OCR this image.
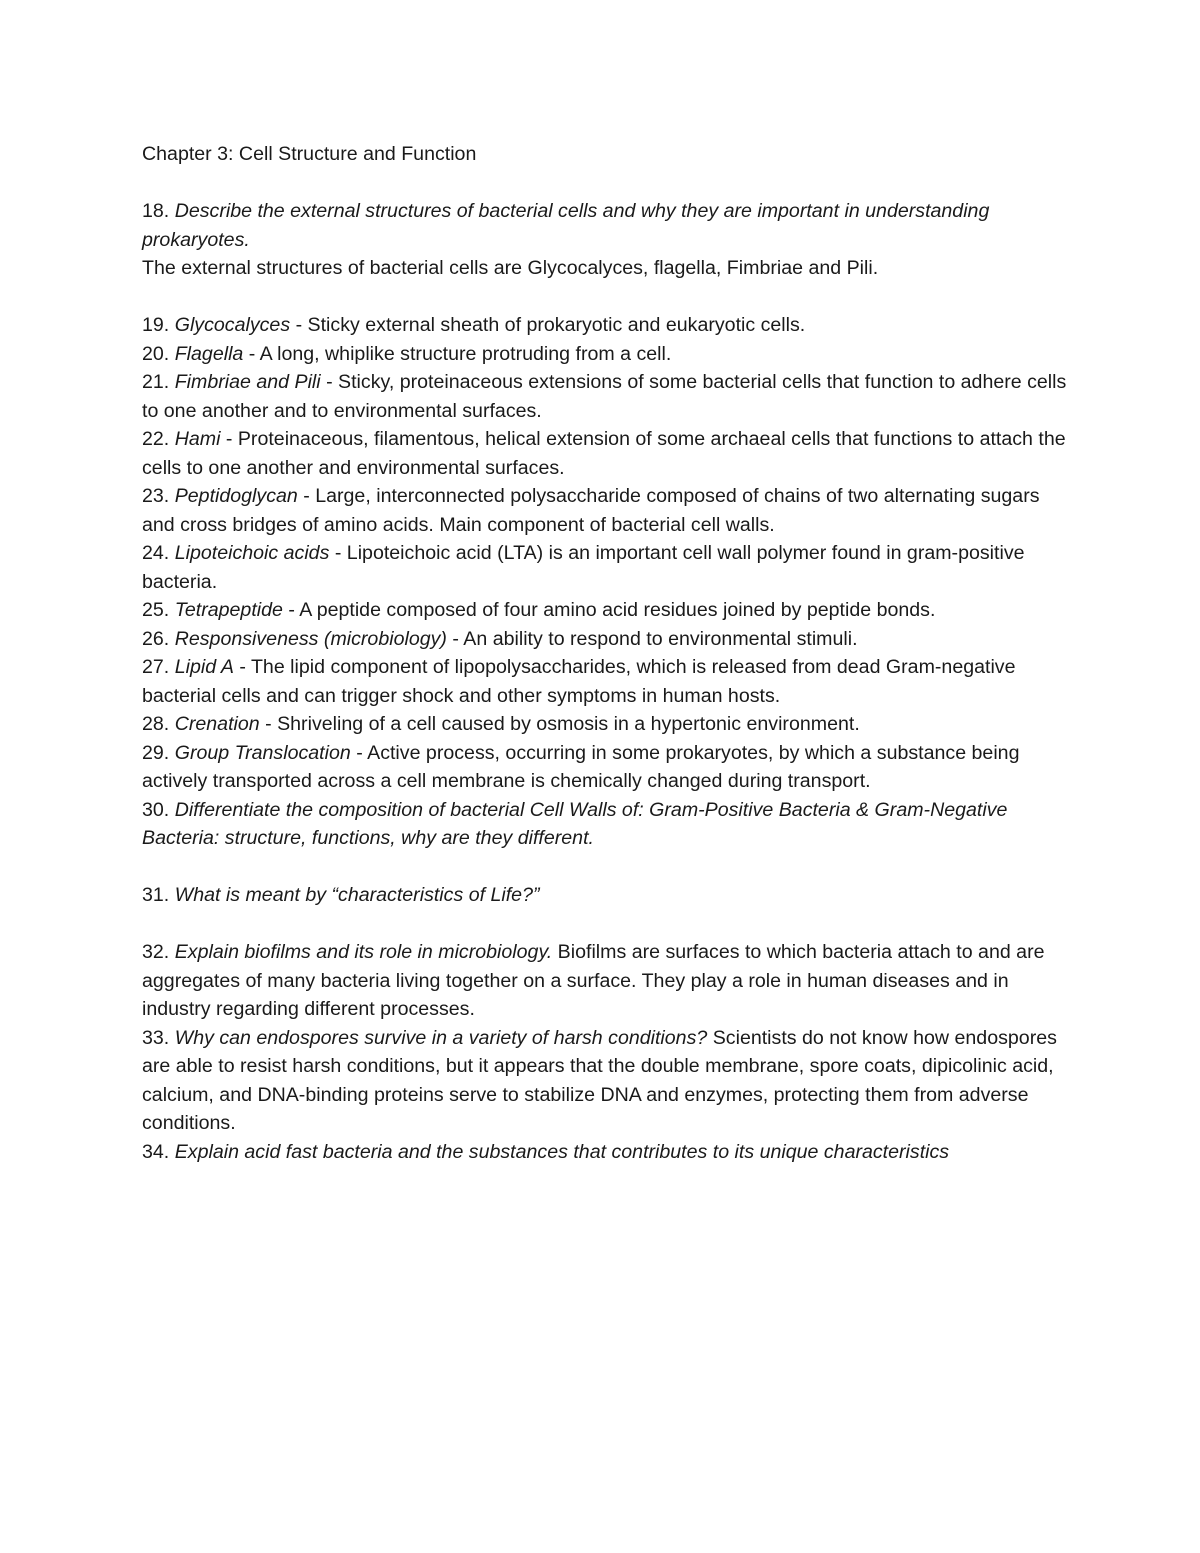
Chapter 3: Cell Structure and Function

18. Describe the external structures of bacterial cells and why they are important in understanding prokaryotes.

The external structures of bacterial cells are Glycocalyces, flagella, Fimbriae and Pili.

19. Glycocalyces - Sticky external sheath of prokaryotic and eukaryotic cells.

20. Flagella - A long, whiplike structure protruding from a cell.

21. Fimbriae and Pili - Sticky, proteinaceous extensions of some bacterial cells that function to adhere cells to one another and to environmental surfaces.

22. Hami - Proteinaceous, filamentous, helical extension of some archaeal cells that functions to attach the cells to one another and environmental surfaces.

23. Peptidoglycan - Large, interconnected polysaccharide composed of chains of two alternating sugars and cross bridges of amino acids. Main component of bacterial cell walls.

24. Lipoteichoic acids - Lipoteichoic acid (LTA) is an important cell wall polymer found in gram-positive bacteria.

25. Tetrapeptide - A peptide composed of four amino acid residues joined by peptide bonds.

26. Responsiveness (microbiology) - An ability to respond to environmental stimuli.

27. Lipid A - The lipid component of lipopolysaccharides, which is released from dead Gram-negative bacterial cells and can trigger shock and other symptoms in human hosts.

28. Crenation - Shriveling of a cell caused by osmosis in a hypertonic environment.

29. Group Translocation - Active process, occurring in some prokaryotes, by which a substance being actively transported across a cell membrane is chemically changed during transport.

30. Differentiate the composition of bacterial Cell Walls of: Gram-Positive Bacteria & Gram-Negative Bacteria: structure, functions, why are they different.

31. What is meant by “characteristics of Life?”

32. Explain biofilms and its role in microbiology. Biofilms are surfaces to which bacteria attach to and are aggregates of many bacteria living together on a surface. They play a role in human diseases and in industry regarding different processes.

33. Why can endospores survive in a variety of harsh conditions? Scientists do not know how endospores are able to resist harsh conditions, but it appears that the double membrane, spore coats, dipicolinic acid, calcium, and DNA-binding proteins serve to stabilize DNA and enzymes, protecting them from adverse conditions.

34. Explain acid fast bacteria and the substances that contributes to its unique characteristics
